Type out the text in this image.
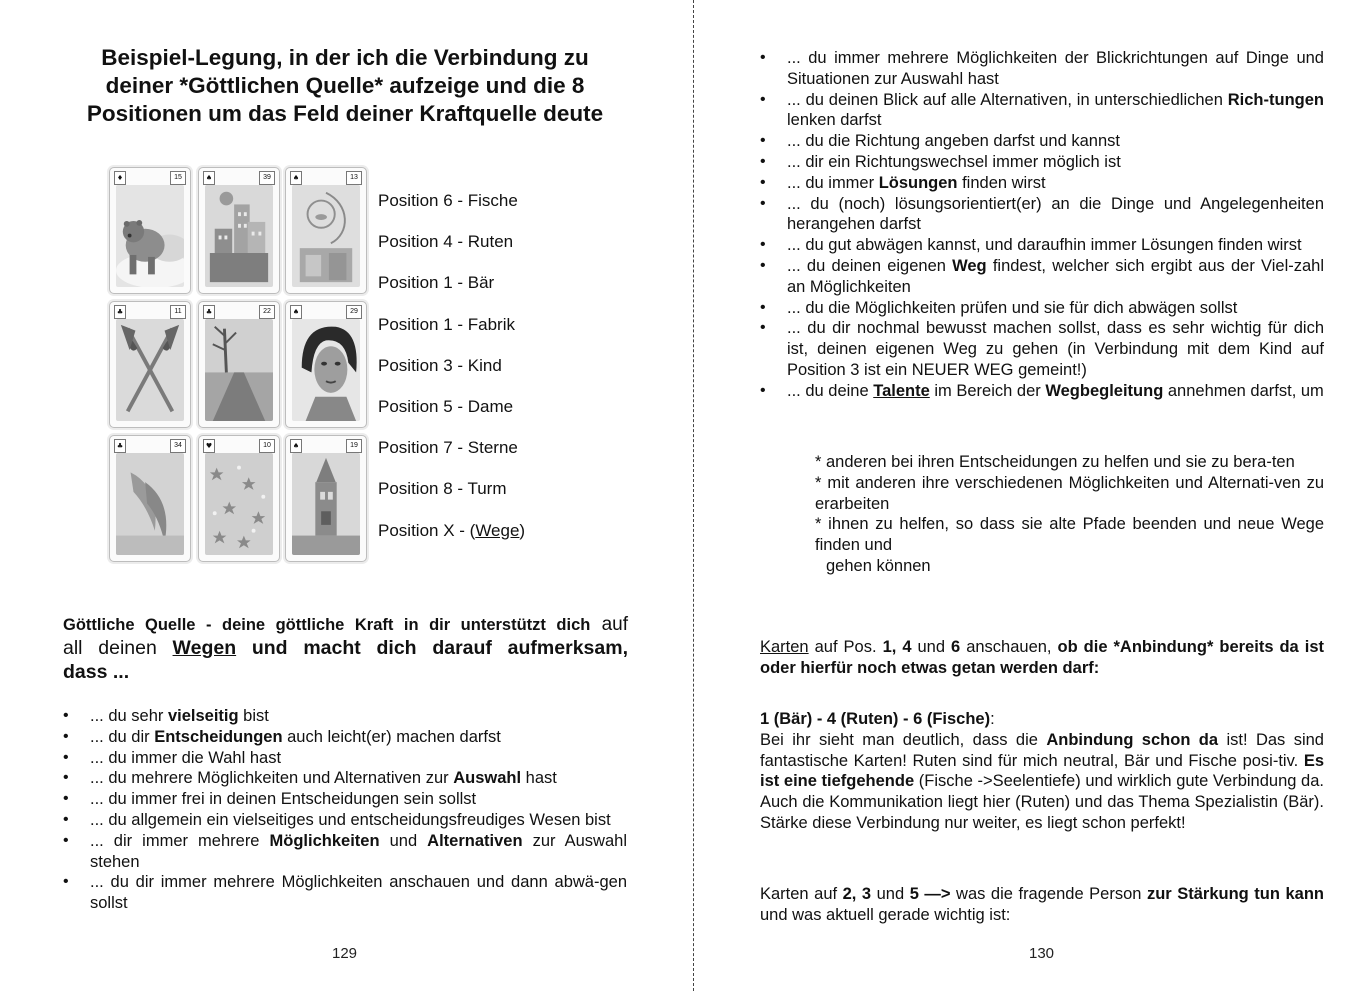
Beispiel-Legung, in der ich die Verbindung zu
deiner *Göttlichen Quelle* aufzeige und die 8
Positionen um das Feld deiner Kraftquelle deute
♦	15	♠	39	♠	13
♣	11	♣	22	♠	29
♣	34	♥	10	♠	19
Position 6 - Fische
Position 4 - Ruten
Position 1 - Bär
Position 1 - Fabrik
Position 3 - Kind
Position 5 - Dame
Position 7 - Sterne
Position 8 - Turm
Position X - (Wege)
Göttliche Quelle - deine göttliche Kraft in dir unterstützt dich auf
all deinen Wegen und macht dich darauf aufmerksam,
dass ...
• ... du sehr vielseitig bist
• ... du dir Entscheidungen auch leicht(er) machen darfst
• ... du immer die Wahl hast
• ... du mehrere Möglichkeiten und Alternativen zur Auswahl hast
• ... du immer frei in deinen Entscheidungen sein sollst
• ... du allgemein ein vielseitiges und entscheidungsfreudiges Wesen bist
• ... dir immer mehrere Möglichkeiten und Alternativen zur Auswahl stehen
• ... du dir immer mehrere Möglichkeiten anschauen und dann abwä-gen sollst
129
• ... du immer mehrere Möglichkeiten der Blickrichtungen auf Dinge und Situationen zur Auswahl hast
• ... du deinen Blick auf alle Alternativen, in unterschiedlichen Rich-tungen lenken darfst
• ... du die Richtung angeben darfst und kannst
• ... dir ein Richtungswechsel immer möglich ist
• ... du immer Lösungen finden wirst
• ... du (noch) lösungsorientiert(er) an die Dinge und Angelegenheiten herangehen darfst
• ... du gut abwägen kannst, und daraufhin immer Lösungen finden wirst
• ... du deinen eigenen Weg findest, welcher sich ergibt aus der Viel-zahl an Möglichkeiten
• ... du die Möglichkeiten prüfen und sie für dich abwägen sollst
• ... du dir nochmal bewusst machen sollst, dass es sehr wichtig für dich ist, deinen eigenen Weg zu gehen (in Verbindung mit dem Kind auf Position 3 ist ein NEUER WEG gemeint!)
• ... du deine Talente im Bereich der Wegbegleitung annehmen darfst, um
* anderen bei ihren Entscheidungen zu helfen und sie zu bera-ten
* mit anderen ihre verschiedenen Möglichkeiten und Alternati-ven zu erarbeiten
* ihnen zu helfen, so dass sie alte Pfade beenden und neue Wege finden und
gehen können
Karten auf Pos. 1, 4 und 6 anschauen, ob die *Anbindung* bereits da ist oder hierfür noch etwas getan werden darf:
1 (Bär) - 4 (Ruten) - 6 (Fische):
Bei ihr sieht man deutlich, dass die Anbindung schon da ist! Das sind fantastische Karten! Ruten sind für mich neutral, Bär und Fische posi-tiv. Es ist eine tiefgehende (Fische ->Seelentiefe) und wirklich gute Verbindung da. Auch die Kommunikation liegt hier (Ruten) und das Thema Spezialistin (Bär). Stärke diese Verbindung nur weiter, es liegt schon perfekt!
Karten auf 2, 3 und 5 —> was die fragende Person zur Stärkung tun kann und was aktuell gerade wichtig ist:
130
